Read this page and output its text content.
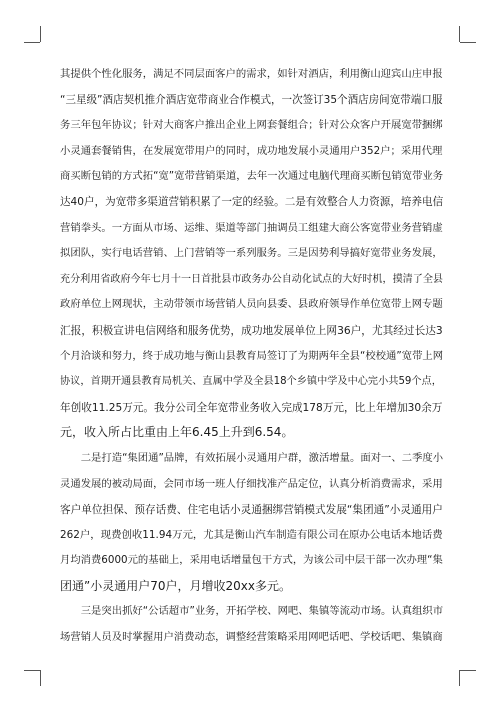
其提供个性化服务，满足不同层面客户的需求，如针对酒店，利用衡山迎宾山庄申报
“三星级”酒店契机推介酒店宽带商业合作模式，一次签订35个酒店房间宽带端口服
务三年包年协议；针对大商客户推出企业上网套餐组合；针对公众客户开展宽带捆绑
小灵通套餐销售，在发展宽带用户的同时，成功地发展小灵通用户352户；采用代理
商买断包销的方式拓“宽”宽带营销渠道，去年一次通过电脑代理商买断包销宽带业务
达40户，为宽带多渠道营销积累了一定的经验。二是有效整合人力资源，培养电信
营销拳头。一方面从市场、运维、渠道等部门抽调员工组建大商公客宽带业务营销虚
拟团队，实行电话营销、上门营销等一系列服务。三是因势利导搞好宽带业务发展，
充分利用省政府今年七月十一日首批县市政务办公自动化试点的大好时机，摸清了全县
政府单位上网现状，主动带领市场营销人员向县委、县政府领导作单位宽带上网专题
汇报，积极宣讲电信网络和服务优势，成功地发展单位上网36户，尤其经过长达3
个月洽谈和努力，终于成功地与衡山县教育局签订了为期两年全县“校校通”宽带上网
协议，首期开通县教育局机关、直属中学及全县18个乡镇中学及中心完小共59个点，
年创收11.25万元。我分公司全年宽带业务收入完成178万元，比上年增加30余万
元，收入所占比重由上年6.45上升到6.54。

　　二是打造“集团通”品牌，有效拓展小灵通用户群，激活增量。面对一、二季度小
灵通发展的被动局面，会同市场一班人仔细找准产品定位，认真分析消费需求，采用
客户单位担保、预存话费、住宅电话小灵通捆绑营销模式发展“集团通”小灵通用户
262户，现费创收11.94万元，尤其是衡山汽车制造有限公司在原办公电话本地话费
月均消费6000元的基础上，采用电话增量包干方式，为该公司中层干部一次办理“集
团通”小灵通用户70户，月增收20xx多元。

　　三是突出抓好“公话超市”业务，开拓学校、网吧、集镇等流动市场。认真组织市
场营销人员及时掌握用户消费动态，调整经营策略采用网吧话吧、学校话吧、集镇商
